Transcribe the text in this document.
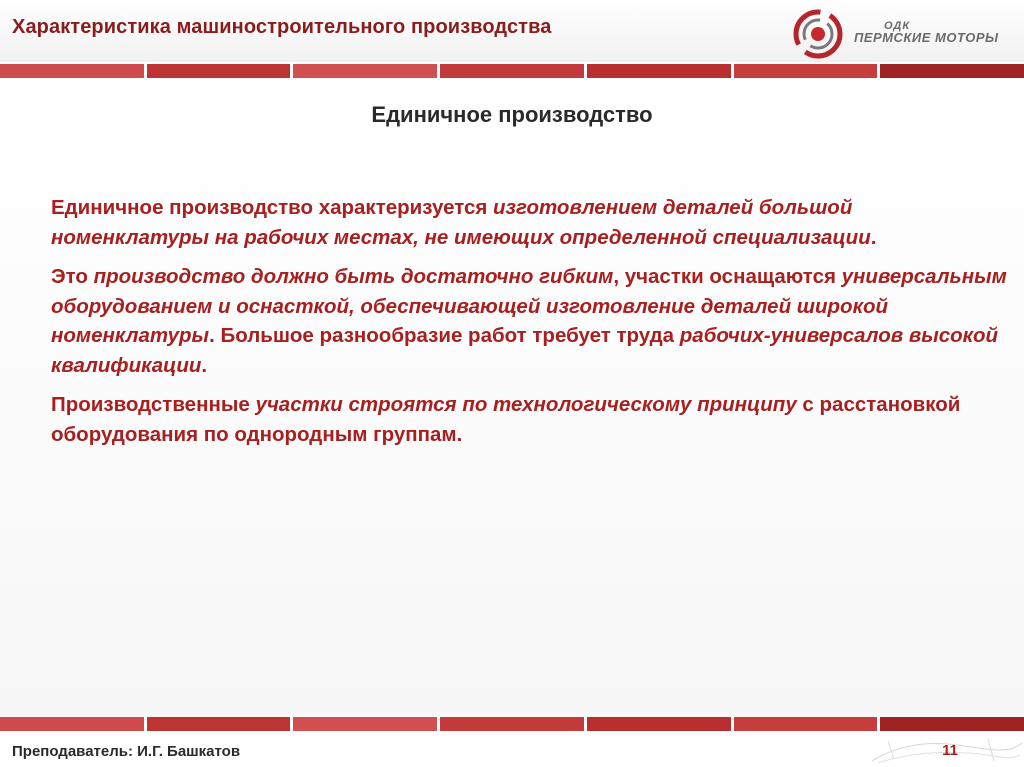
Характеристика машиностроительного производства	ОДК
ПЕРМСКИЕ МОТОРЫ
Единичное производство

Единичное производство характеризуется изготовлением деталей большой номенклатуры на рабочих местах, не имеющих определенной специализации.

Это производство должно быть достаточно гибким, участки оснащаются универсальным оборудованием и оснасткой, обеспечивающей изготовление деталей широкой номенклатуры. Большое разнообразие работ требует труда рабочих-универсалов высокой квалификации.

Производственные участки строятся по технологическому принципу с расстановкой оборудования по однородным группам.

Преподаватель: И.Г. Башкатов	11
